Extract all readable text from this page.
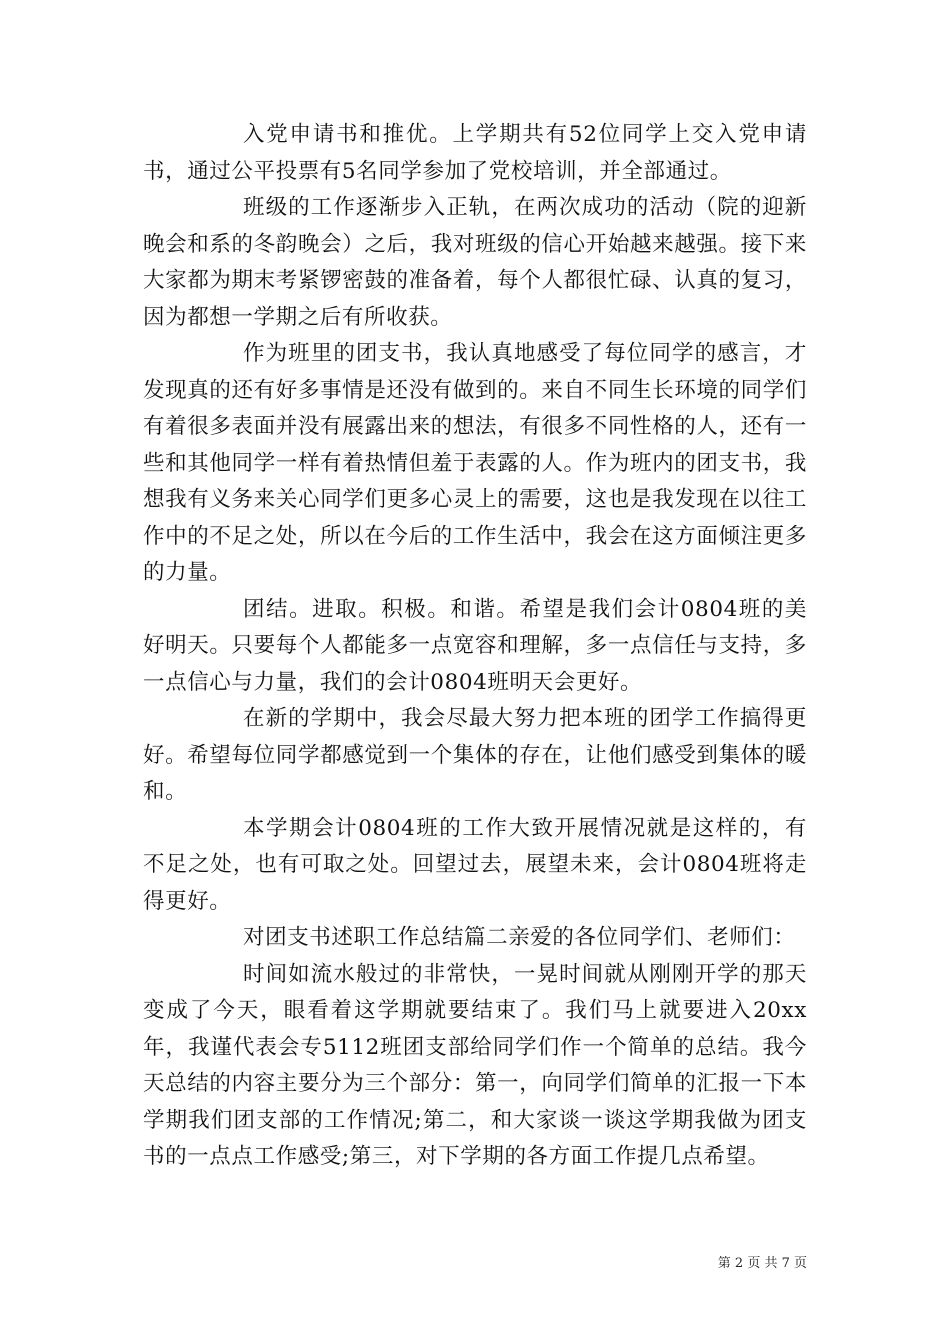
入党申请书和推优。上学期共有52位同学上交入党申请书，通过公平投票有5名同学参加了党校培训，并全部通过。

班级的工作逐渐步入正轨，在两次成功的活动（院的迎新晚会和系的冬韵晚会）之后，我对班级的信心开始越来越强。接下来大家都为期末考紧锣密鼓的准备着，每个人都很忙碌、认真的复习，因为都想一学期之后有所收获。

作为班里的团支书，我认真地感受了每位同学的感言，才发现真的还有好多事情是还没有做到的。来自不同生长环境的同学们有着很多表面并没有展露出来的想法，有很多不同性格的人，还有一些和其他同学一样有着热情但羞于表露的人。作为班内的团支书，我想我有义务来关心同学们更多心灵上的需要，这也是我发现在以往工作中的不足之处，所以在今后的工作生活中，我会在这方面倾注更多的力量。

团结。进取。积极。和谐。希望是我们会计0804班的美好明天。只要每个人都能多一点宽容和理解，多一点信任与支持，多一点信心与力量，我们的会计0804班明天会更好。

在新的学期中，我会尽最大努力把本班的团学工作搞得更好。希望每位同学都感觉到一个集体的存在，让他们感受到集体的暖和。

本学期会计0804班的工作大致开展情况就是这样的，有不足之处，也有可取之处。回望过去，展望未来，会计0804班将走得更好。

对团支书述职工作总结篇二亲爱的各位同学们、老师们：

时间如流水般过的非常快，一晃时间就从刚刚开学的那天变成了今天，眼看着这学期就要结束了。我们马上就要进入20xx年，我谨代表会专5112班团支部给同学们作一个简单的总结。我今天总结的内容主要分为三个部分：第一，向同学们简单的汇报一下本学期我们团支部的工作情况;第二，和大家谈一谈这学期我做为团支书的一点点工作感受;第三，对下学期的各方面工作提几点希望。

第 2 页 共 7 页
